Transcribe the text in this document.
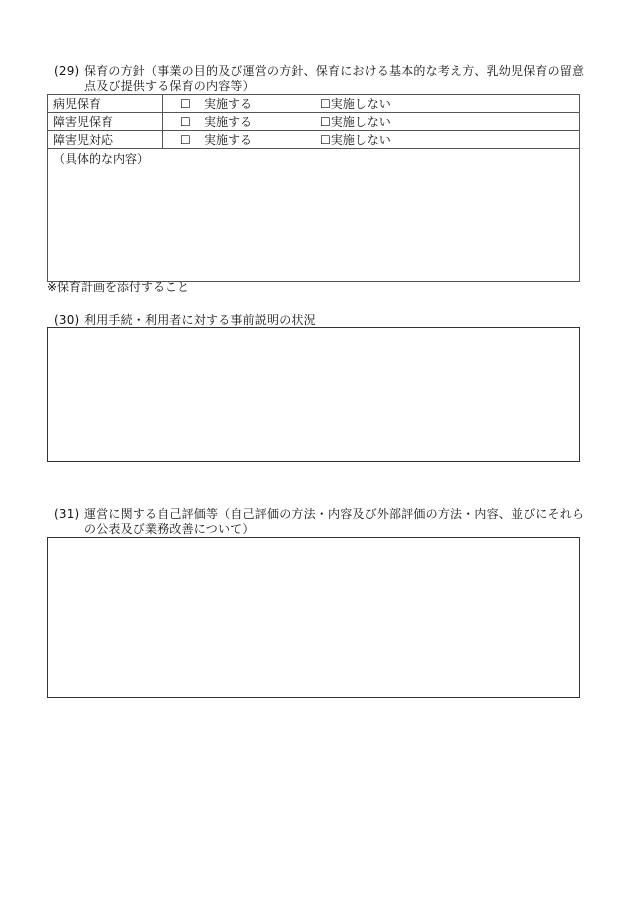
(29) 保育の方針（事業の目的及び運営の方針、保育における基本的な考え方、乳幼児保育の留意
点及び提供する保育の内容等）
病児保育	☐ 実施する ☐実施しない
障害児保育	☐ 実施する ☐実施しない
障害児対応	☐ 実施する ☐実施しない
（具体的な内容）	
※保育計画を添付すること
(30) 利用手続・利用者に対する事前説明の状況
(31) 運営に関する自己評価等（自己評価の方法・内容及び外部評価の方法・内容、並びにそれら
の公表及び業務改善について）
